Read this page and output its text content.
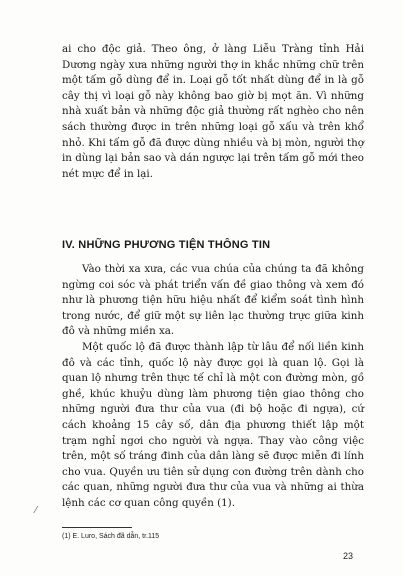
ai cho độc giả. Theo ông, ở làng Liễu Tràng tỉnh Hải Dương ngày xưa những người thợ in khắc những chữ trên một tấm gỗ dùng để in. Loại gỗ tốt nhất dùng để in là gỗ cây thị vì loại gỗ này không bao giờ bị mọt ăn. Vì những nhà xuất bản và những độc giả thường rất nghèo cho nên sách thường được in trên những loại gỗ xấu và trên khổ nhỏ. Khi tấm gỗ đã được dùng nhiều và bị mòn, người thợ in dùng lại bản sao và dán ngược lại trên tấm gỗ mới theo nét mực để in lại.

IV. NHỮNG PHƯƠNG TIỆN THÔNG TIN

Vào thời xa xưa, các vua chúa của chúng ta đã không ngừng coi sóc và phát triển vấn đề giao thông và xem đó như là phương tiện hữu hiệu nhất để kiểm soát tình hình trong nước, để giữ một sự liên lạc thường trực giữa kinh đô và những miền xa.

Một quốc lộ đã được thành lập từ lâu để nối liền kinh đô và các tỉnh, quốc lộ này được gọi là quan lộ. Gọi là quan lộ nhưng trên thực tế chỉ là một con đường mòn, gồ ghề, khúc khuỷu dùng làm phương tiện giao thông cho những người đưa thư của vua (đi bộ hoặc đi ngựa), cứ cách khoảng 15 cây số, dân địa phương thiết lập một trạm nghỉ ngơi cho người và ngựa. Thay vào công việc trên, một số tráng đinh của dân làng sẽ được miễn đi lính cho vua. Quyền ưu tiên sử dụng con đường trên dành cho các quan, những người đưa thư của vua và những ai thừa lệnh các cơ quan công quyền (1).

⁄
(1) E. Luro, Sách đã dẫn, tr.115
23
